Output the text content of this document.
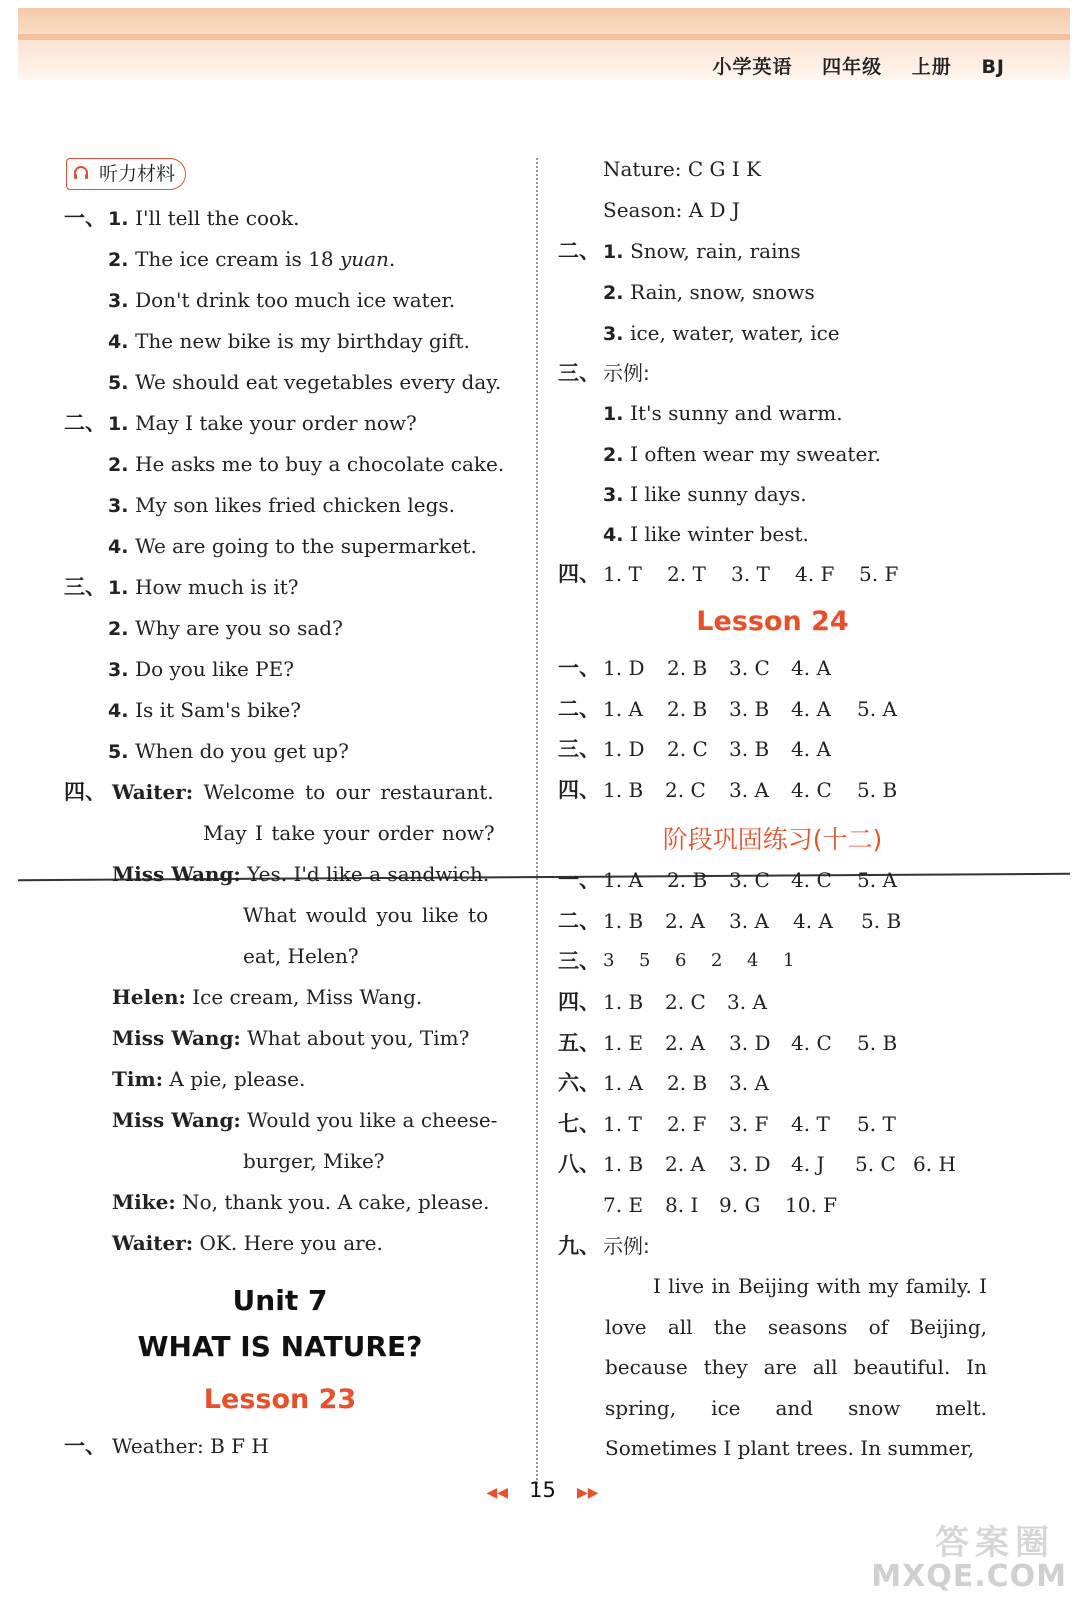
小学英语 四年级 上册 BJ
听力材料
一、 1. I'll tell the cook.
2. The ice cream is 18 yuan.
3. Don't drink too much ice water.
4. The new bike is my birthday gift.
5. We should eat vegetables every day.
二、 1. May I take your order now?
2. He asks me to buy a chocolate cake.
3. My son likes fried chicken legs.
4. We are going to the supermarket.
三、 1. How much is it?
2. Why are you so sad?
3. Do you like PE?
4. Is it Sam's bike?
5. When do you get up?
四、 Waiter: Welcome to our restaurant.
May I take your order now?
Miss Wang: Yes. I'd like a sandwich.
What would you like to
eat, Helen?
Helen: Ice cream, Miss Wang.
Miss Wang: What about you, Tim?
Tim: A pie, please.
Miss Wang: Would you like a cheese-
burger, Mike?
Mike: No, thank you. A cake, please.
Waiter: OK. Here you are.
Unit 7
WHAT IS NATURE?
Lesson 23
一、 Weather: B F H
Nature: C G I K
Season: A D J
二、 1. Snow, rain, rains
2. Rain, snow, snows
3. ice, water, water, ice
三、 示例:
1. It's sunny and warm.
2. I often wear my sweater.
3. I like sunny days.
4. I like winter best.
四、 1. T 2. T 3. T 4. F 5. F
Lesson 24
一、 1. D 2. B 3. C 4. A
二、 1. A 2. B 3. B 4. A 5. A
三、 1. D 2. C 3. B 4. A
四、 1. B 2. C 3. A 4. C 5. B
阶段巩固练习(十二)
一、 1. A 2. B 3. C 4. C 5. A
二、 1. B 2. A 3. A 4. A 5. B
三、 3 5 6 2 4 1
四、 1. B 2. C 3. A
五、 1. E 2. A 3. D 4. C 5. B
六、 1. A 2. B 3. A
七、 1. T 2. F 3. F 4. T 5. T
八、 1. B 2. A 3. D 4. J 5. C 6. H
7. E 8. I 9. G 10. F
九、 示例:
I live in Beijing with my family. I love all the seasons of Beijing, because they are all beautiful. In spring, ice and snow melt. Sometimes I plant trees. In summer,
◀◀ 15 ▶▶
答案圈
MXQE.COM
